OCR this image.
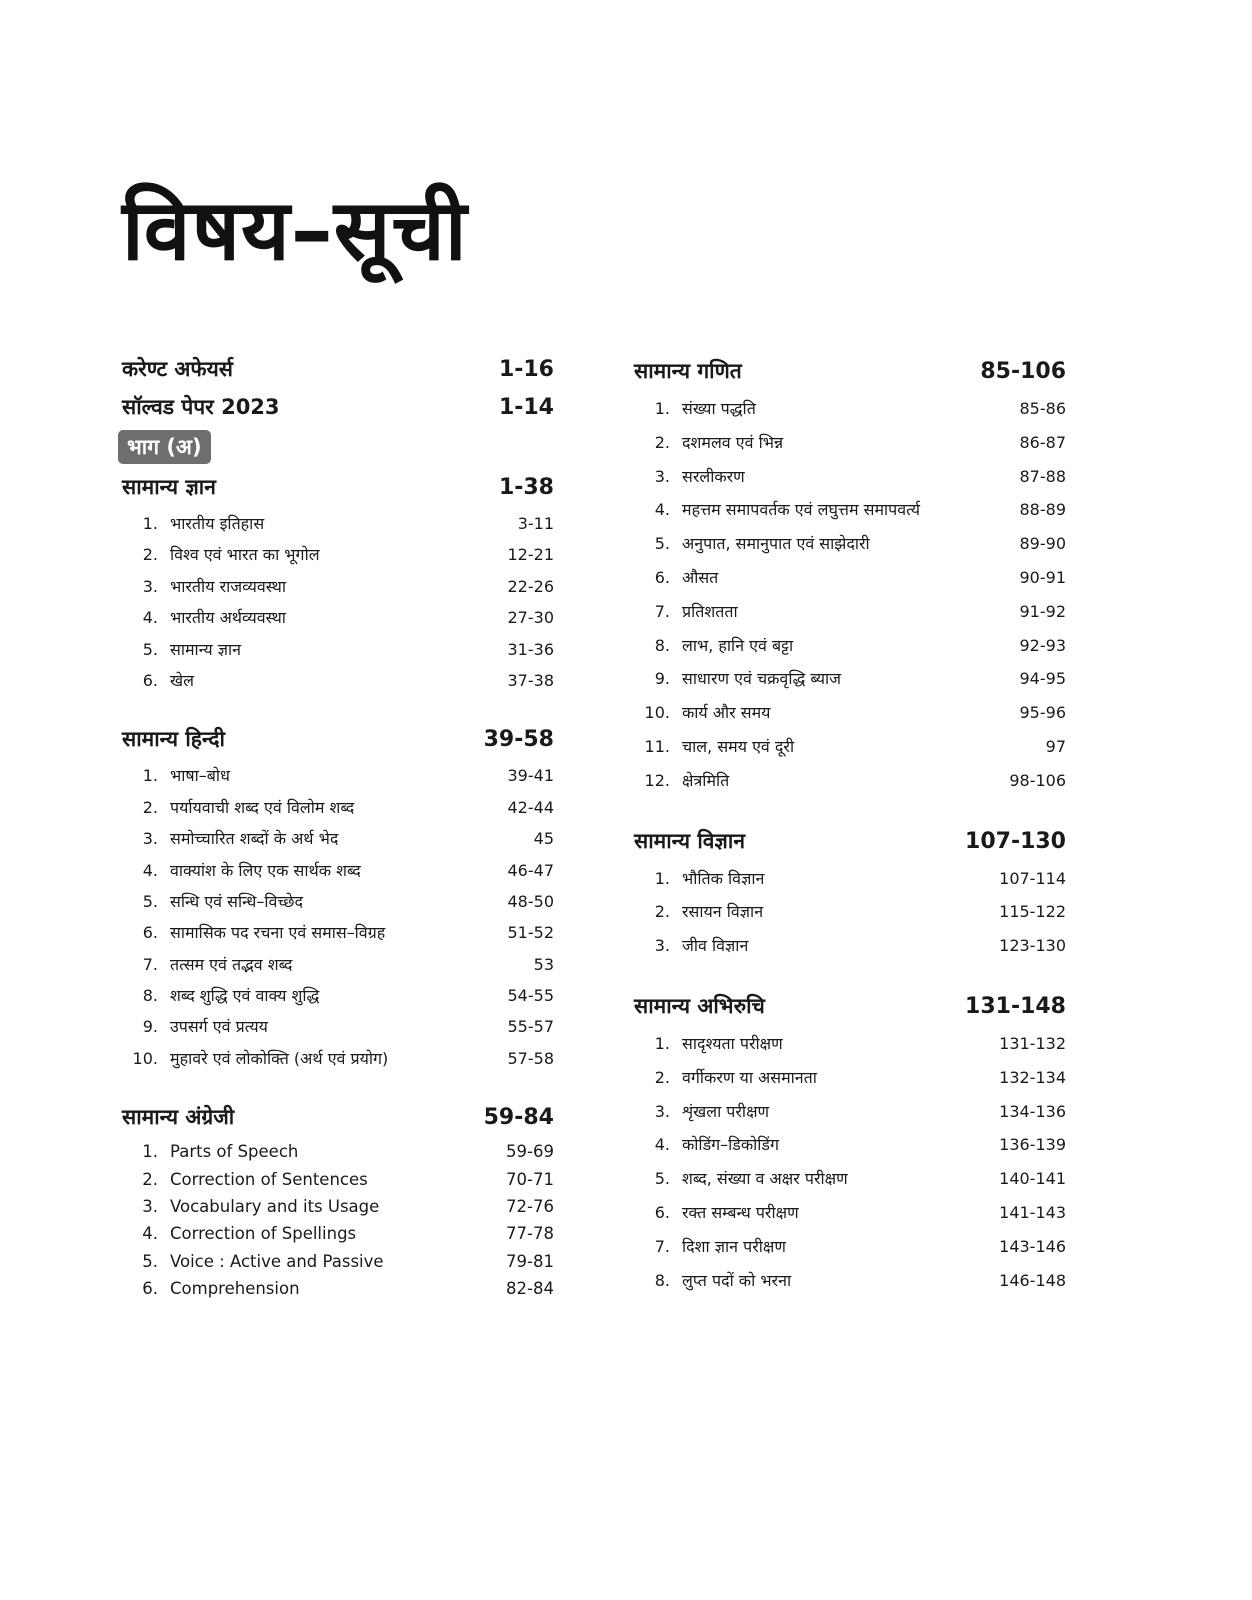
विषय–सूची
करेण्ट अफेयर्स	1-16
सॉल्वड पेपर 2023	1-14
भाग (अ)
सामान्य ज्ञान	1-38
1. भारतीय इतिहास	3-11
2. विश्व एवं भारत का भूगोल	12-21
3. भारतीय राजव्यवस्था	22-26
4. भारतीय अर्थव्यवस्था	27-30
5. सामान्य ज्ञान	31-36
6. खेल	37-38
सामान्य हिन्दी	39-58
1. भाषा–बोध	39-41
2. पर्यायवाची शब्द एवं विलोम शब्द	42-44
3. समोच्चारित शब्दों के अर्थ भेद	45
4. वाक्यांश के लिए एक सार्थक शब्द	46-47
5. सन्धि एवं सन्धि–विच्छेद	48-50
6. सामासिक पद रचना एवं समास–विग्रह	51-52
7. तत्सम एवं तद्भव शब्द	53
8. शब्द शुद्धि एवं वाक्य शुद्धि	54-55
9. उपसर्ग एवं प्रत्यय	55-57
10. मुहावरे एवं लोकोक्ति (अर्थ एवं प्रयोग)	57-58
सामान्य अंग्रेजी	59-84
1. Parts of Speech	59-69
2. Correction of Sentences	70-71
3. Vocabulary and its Usage	72-76
4. Correction of Spellings	77-78
5. Voice : Active and Passive	79-81
6. Comprehension	82-84
सामान्य गणित	85-106
1. संख्या पद्धति	85-86
2. दशमलव एवं भिन्न	86-87
3. सरलीकरण	87-88
4. महत्तम समापवर्तक एवं लघुत्तम समापवर्त्य	88-89
5. अनुपात, समानुपात एवं साझेदारी	89-90
6. औसत	90-91
7. प्रतिशतता	91-92
8. लाभ, हानि एवं बट्टा	92-93
9. साधारण एवं चक्रवृद्धि ब्याज	94-95
10. कार्य और समय	95-96
11. चाल, समय एवं दूरी	97
12. क्षेत्रमिति	98-106
सामान्य विज्ञान	107-130
1. भौतिक विज्ञान	107-114
2. रसायन विज्ञान	115-122
3. जीव विज्ञान	123-130
सामान्य अभिरुचि	131-148
1. सादृश्यता परीक्षण	131-132
2. वर्गीकरण या असमानता	132-134
3. शृंखला परीक्षण	134-136
4. कोडिंग–डिकोडिंग	136-139
5. शब्द, संख्या व अक्षर परीक्षण	140-141
6. रक्त सम्बन्ध परीक्षण	141-143
7. दिशा ज्ञान परीक्षण	143-146
8. लुप्त पदों को भरना	146-148
